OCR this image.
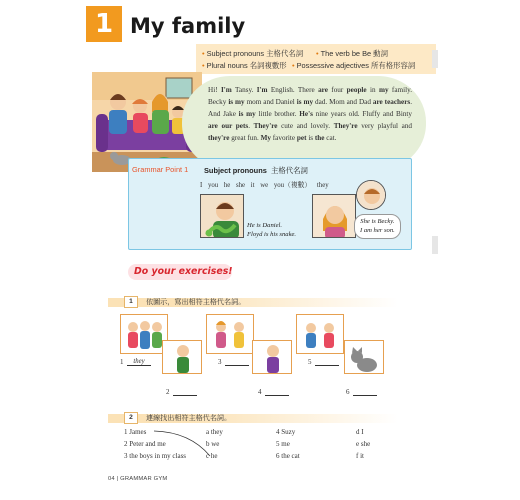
1 My family
• Subject pronouns 主格代名詞 • The verb be Be 動詞
• Plural nouns 名詞複數形 • Possessive adjectives 所有格形容詞
Hi! I'm Tansy. I'm English. There are four people in my family. Becky is my mom and Daniel is my dad. Mom and Dad are teachers. And Jake is my little brother. He's nine years old. Fluffy and Binty are our pets. They're cute and lovely. They're very playful and they're great fun. My favorite pet is the cat.
Grammar Point 1 Subject pronouns 主格代名詞
I you he she it we you（複數） they
He is Daniel.
Floyd is his snake.
She is Becky.
I am her son.
Do your exercises!
1	依圖示，寫出相符主格代名詞。
1 they	3	5
2	4	6
2	連線找出相符主格代名詞。
1 James	a they	4 Suzy	d I
2 Peter and me	b we	5 me	e she
3 the boys in my class	c he	6 the cat	f it
04 | GRAMMAR GYM
